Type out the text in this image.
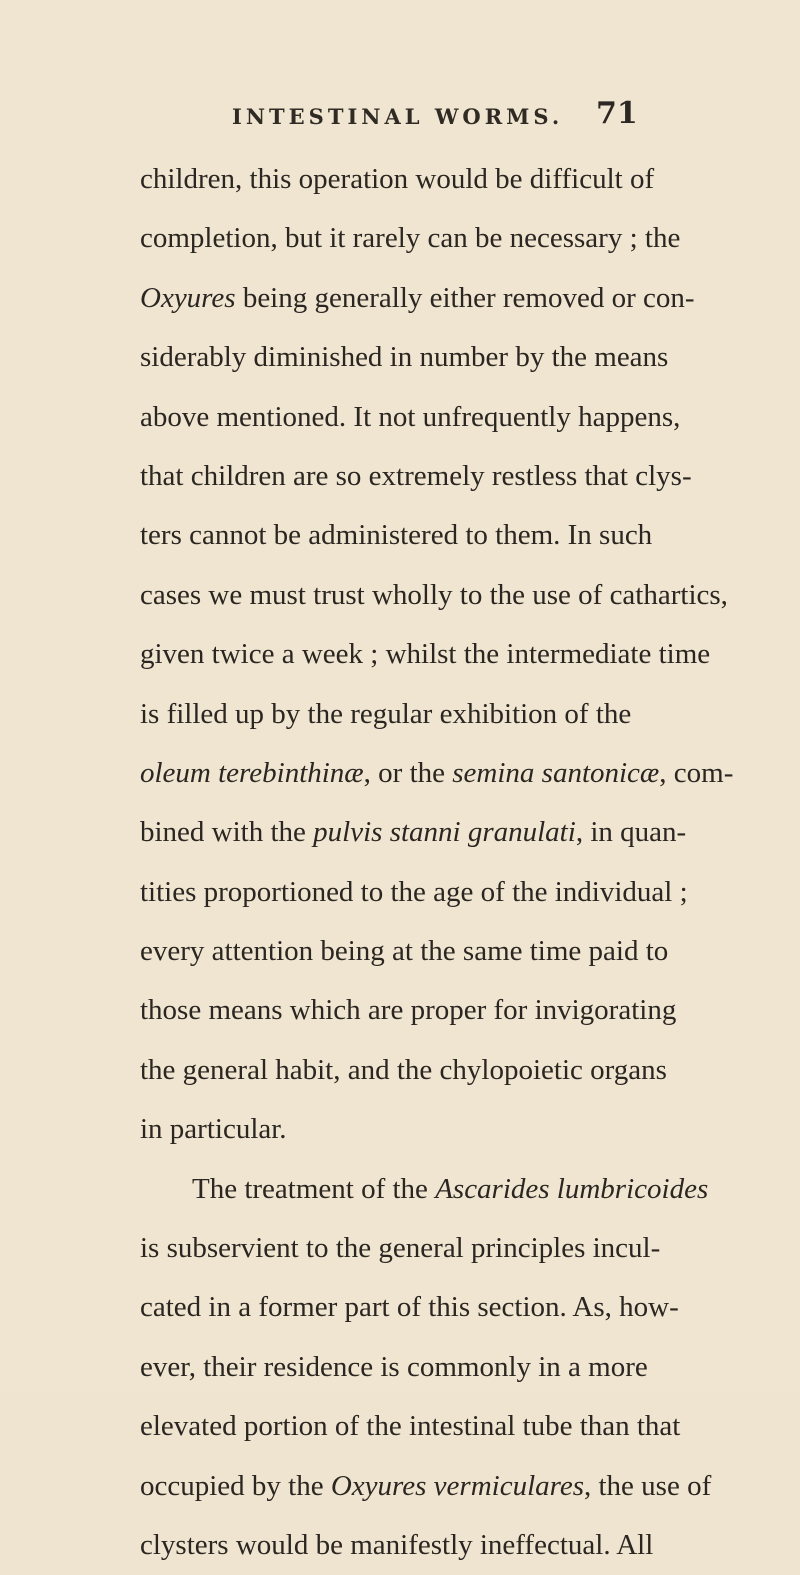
INTESTINAL WORMS. 71
children, this operation would be difficult of
completion, but it rarely can be necessary ; the
Oxyures being generally either removed or con-
siderably diminished in number by the means
above mentioned. It not unfrequently happens,
that children are so extremely restless that clys-
ters cannot be administered to them. In such
cases we must trust wholly to the use of cathartics,
given twice a week ; whilst the intermediate time
is filled up by the regular exhibition of the
oleum terebinthinæ, or the semina santonicæ, com-
bined with the pulvis stanni granulati, in quan-
tities proportioned to the age of the individual ;
every attention being at the same time paid to
those means which are proper for invigorating
the general habit, and the chylopoietic organs
in particular.
The treatment of the Ascarides lumbricoides
is subservient to the general principles incul-
cated in a former part of this section. As, how-
ever, their residence is commonly in a more
elevated portion of the intestinal tube than that
occupied by the Oxyures vermiculares, the use of
clysters would be manifestly ineffectual. All
